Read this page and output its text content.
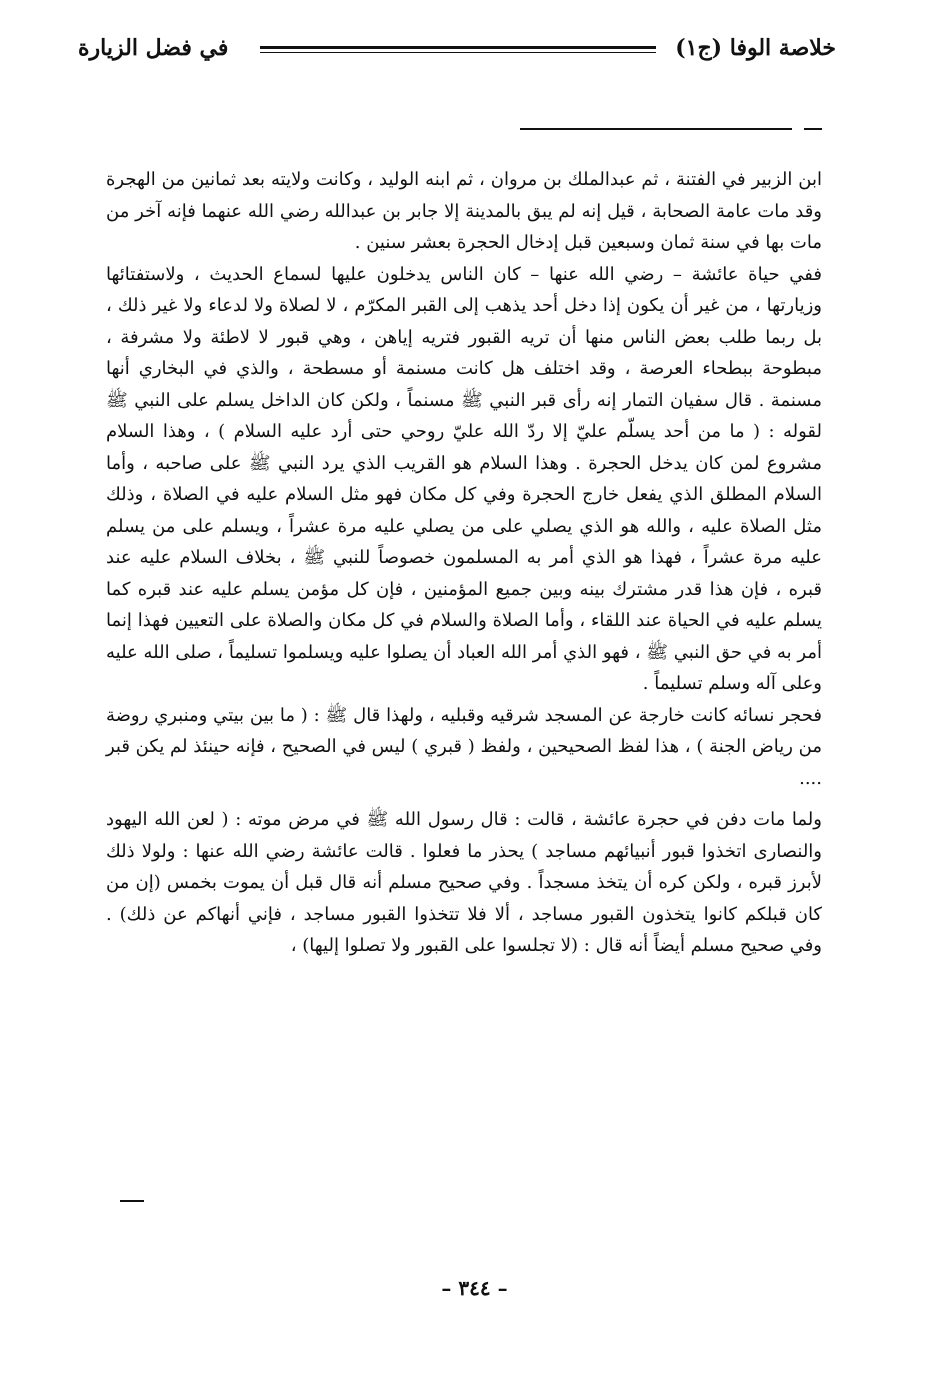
خلاصة الوفا (ج١)
في فضل الزيارة

ابن الزبير في الفتنة ، ثم عبدالملك بن مروان ، ثم ابنه الوليد ، وكانت ولايته بعد ثمانين من الهجرة وقد مات عامة الصحابة ، قيل إنه لم يبق بالمدينة إلا جابر بن عبدالله رضي الله عنهما فإنه آخر من مات بها في سنة ثمان وسبعين قبل إدخال الحجرة بعشر سنين .

ففي حياة عائشة – رضي الله عنها – كان الناس يدخلون عليها لسماع الحديث ، ولاستفتائها وزيارتها ، من غير أن يكون إذا دخل أحد يذهب إلى القبر المكرّم ، لا لصلاة ولا لدعاء ولا غير ذلك ، بل ربما طلب بعض الناس منها أن تريه القبور فتريه إياهن ، وهي قبور لا لاطئة ولا مشرفة ، مبطوحة ببطحاء العرصة ، وقد اختلف هل كانت مسنمة أو مسطحة ، والذي في البخاري أنها مسنمة . قال سفيان التمار إنه رأى قبر النبي ﷺ مسنماً ، ولكن كان الداخل يسلم على النبي ﷺ لقوله : ( ما من أحد يسلّم عليّ إلا ردّ الله عليّ روحي حتى أرد عليه السلام ) ، وهذا السلام مشروع لمن كان يدخل الحجرة . وهذا السلام هو القريب الذي يرد النبي ﷺ على صاحبه ، وأما السلام المطلق الذي يفعل خارج الحجرة وفي كل مكان فهو مثل السلام عليه في الصلاة ، وذلك مثل الصلاة عليه ، والله هو الذي يصلي على من يصلي عليه مرة عشراً ، ويسلم على من يسلم عليه مرة عشراً ، فهذا هو الذي أمر به المسلمون خصوصاً للنبي ﷺ ، بخلاف السلام عليه عند قبره ، فإن هذا قدر مشترك بينه وبين جميع المؤمنين ، فإن كل مؤمن يسلم عليه عند قبره كما يسلم عليه في الحياة عند اللقاء ، وأما الصلاة والسلام في كل مكان والصلاة على التعيين فهذا إنما أمر به في حق النبي ﷺ ، فهو الذي أمر الله العباد أن يصلوا عليه ويسلموا تسليماً ، صلى الله عليه وعلى آله وسلم تسليماً .

فحجر نسائه كانت خارجة عن المسجد شرقيه وقبليه ، ولهذا قال ﷺ : ( ما بين بيتي ومنبري روضة من رياض الجنة ) ، هذا لفظ الصحيحين ، ولفظ ( قبري ) ليس في الصحيح ، فإنه حينئذ لم يكن قبر ....

ولما مات دفن في حجرة عائشة ، قالت : قال رسول الله ﷺ في مرض موته : ( لعن الله اليهود والنصارى اتخذوا قبور أنبيائهم مساجد ) يحذر ما فعلوا . قالت عائشة رضي الله عنها : ولولا ذلك لأبرز قبره ، ولكن كره أن يتخذ مسجداً . وفي صحيح مسلم أنه قال قبل أن يموت بخمس (إن من كان قبلكم كانوا يتخذون القبور مساجد ، ألا فلا تتخذوا القبور مساجد ، فإني أنهاكم عن ذلك) . وفي صحيح مسلم أيضاً أنه قال : (لا تجلسوا على القبور ولا تصلوا إليها) ،

– ٣٤٤ –
